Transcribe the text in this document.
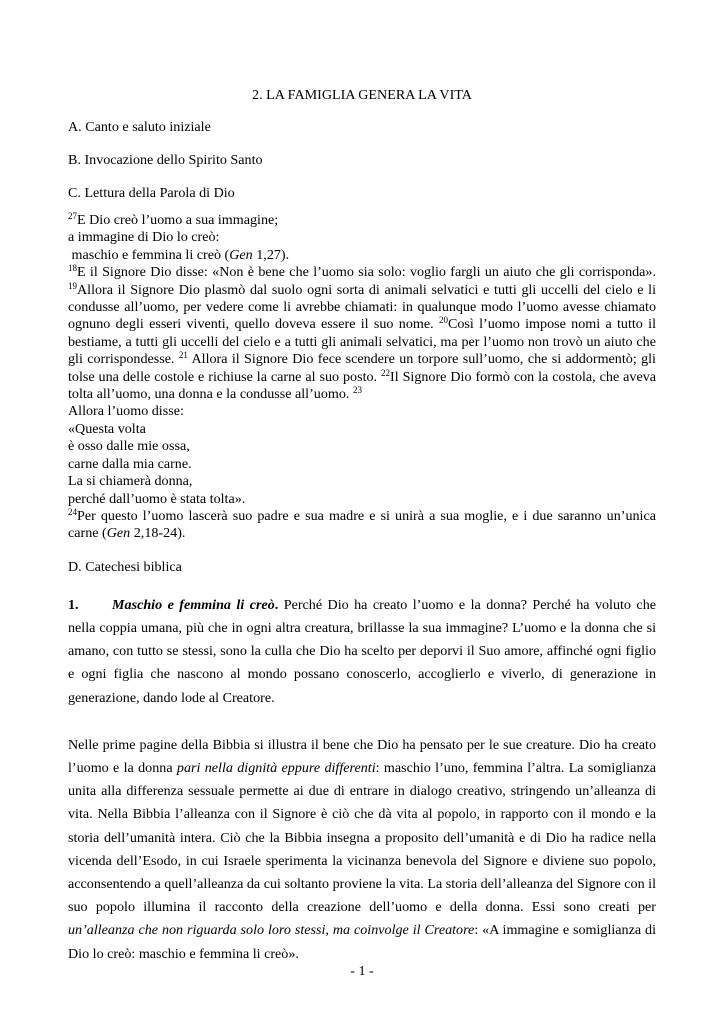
2. LA FAMIGLIA GENERA LA VITA
A. Canto e saluto iniziale
B. Invocazione dello Spirito Santo
C. Lettura della Parola di Dio
$^{27}$E Dio creò l’uomo a sua immagine;
a immagine di Dio lo creò:
maschio e femmina li creò (Gen 1,27).

$^{18}$E il Signore Dio disse: «Non è bene che l’uomo sia solo: voglio fargli un aiuto che gli corrisponda». $^{19}$Allora il Signore Dio plasmò dal suolo ogni sorta di animali selvatici e tutti gli uccelli del cielo e li condusse all’uomo, per vedere come li avrebbe chiamati: in qualunque modo l’uomo avesse chiamato ognuno degli esseri viventi, quello doveva essere il suo nome. $^{20}$Così l’uomo impose nomi a tutto il bestiame, a tutti gli uccelli del cielo e a tutti gli animali selvatici, ma per l’uomo non trovò un aiuto che gli corrispondesse. $^{21}$ Allora il Signore Dio fece scendere un torpore sull’uomo, che si addormentò; gli tolse una delle costole e richiuse la carne al suo posto. $^{22}$Il Signore Dio formò con la costola, che aveva tolta all’uomo, una donna e la condusse all’uomo. $^{23}$

Allora l’uomo disse:
«Questa volta
è osso dalle mie ossa,
carne dalla mia carne.
La si chiamerà donna,
perché dall’uomo è stata tolta».

$^{24}$Per questo l’uomo lascerà suo padre e sua madre e si unirà a sua moglie, e i due saranno un’unica carne (Gen 2,18-24).

D. Catechesi biblica

1. Maschio e femmina li creò. Perché Dio ha creato l’uomo e la donna? Perché ha voluto che nella coppia umana, più che in ogni altra creatura, brillasse la sua immagine? L’uomo e la donna che si amano, con tutto se stessi, sono la culla che Dio ha scelto per deporvi il Suo amore, affinché ogni figlio e ogni figlia che nascono al mondo possano conoscerlo, accoglierlo e viverlo, di generazione in generazione, dando lode al Creatore.

Nelle prime pagine della Bibbia si illustra il bene che Dio ha pensato per le sue creature. Dio ha creato l’uomo e la donna pari nella dignità eppure differenti: maschio l’uno, femmina l’altra. La somiglianza unita alla differenza sessuale permette ai due di entrare in dialogo creativo, stringendo un’alleanza di vita. Nella Bibbia l’alleanza con il Signore è ciò che dà vita al popolo, in rapporto con il mondo e la storia dell’umanità intera. Ciò che la Bibbia insegna a proposito dell’umanità e di Dio ha radice nella vicenda dell’Esodo, in cui Israele sperimenta la vicinanza benevola del Signore e diviene suo popolo, acconsentendo a quell’alleanza da cui soltanto proviene la vita. La storia dell’alleanza del Signore con il suo popolo illumina il racconto della creazione dell’uomo e della donna. Essi sono creati per un’alleanza che non riguarda solo loro stessi, ma coinvolge il Creatore: «A immagine e somiglianza di Dio lo creò: maschio e femmina li creò».

- 1 -
